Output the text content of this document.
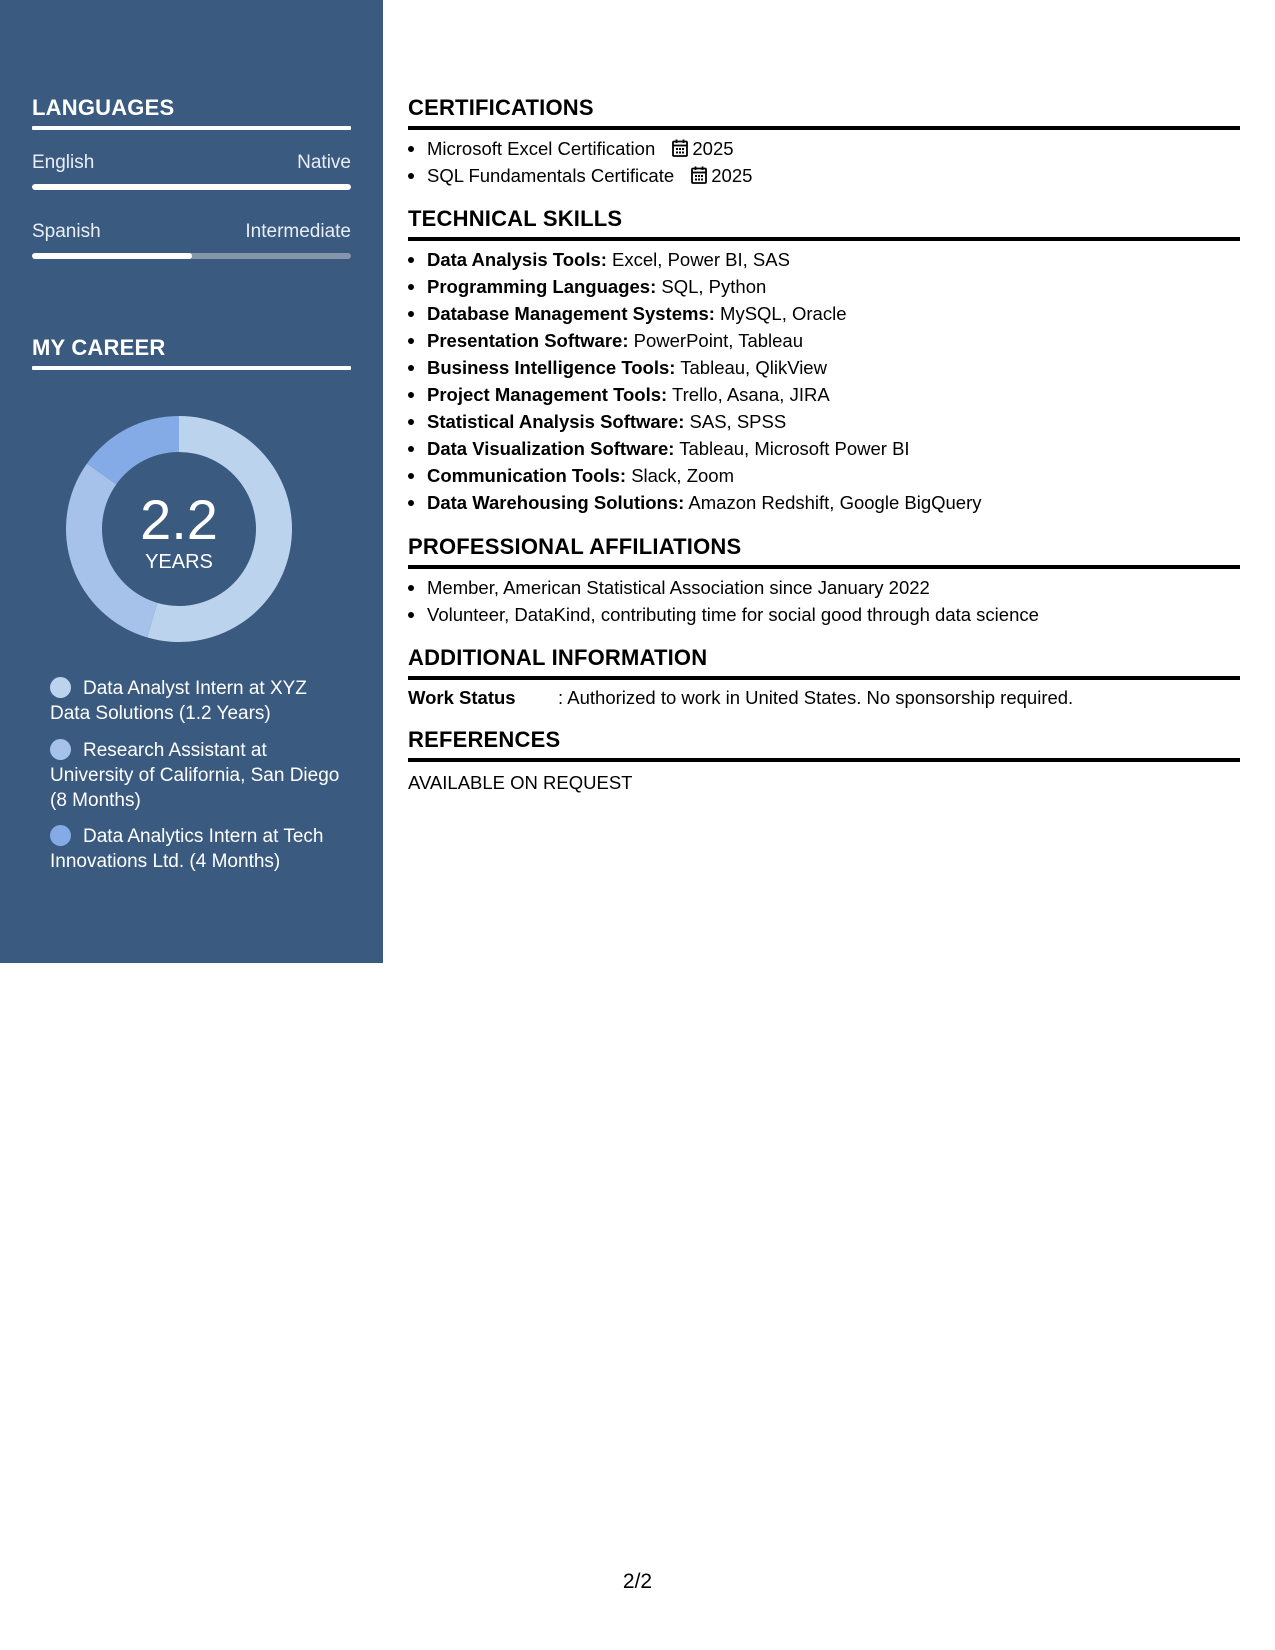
LANGUAGES
English	Native
Spanish	Intermediate
MY CAREER
2.2
YEARS
Data Analyst Intern at XYZ Data Solutions (1.2 Years)
Research Assistant at University of California, San Diego (8 Months)
Data Analytics Intern at Tech Innovations Ltd. (4 Months)
CERTIFICATIONS
Microsoft Excel Certification 2025
SQL Fundamentals Certificate 2025
TECHNICAL SKILLS
Data Analysis Tools: Excel, Power BI, SAS
Programming Languages: SQL, Python
Database Management Systems: MySQL, Oracle
Presentation Software: PowerPoint, Tableau
Business Intelligence Tools: Tableau, QlikView
Project Management Tools: Trello, Asana, JIRA
Statistical Analysis Software: SAS, SPSS
Data Visualization Software: Tableau, Microsoft Power BI
Communication Tools: Slack, Zoom
Data Warehousing Solutions: Amazon Redshift, Google BigQuery
PROFESSIONAL AFFILIATIONS
Member, American Statistical Association since January 2022
Volunteer, DataKind, contributing time for social good through data science
ADDITIONAL INFORMATION
Work Status	: Authorized to work in United States. No sponsorship required.
REFERENCES
AVAILABLE ON REQUEST
2/2
